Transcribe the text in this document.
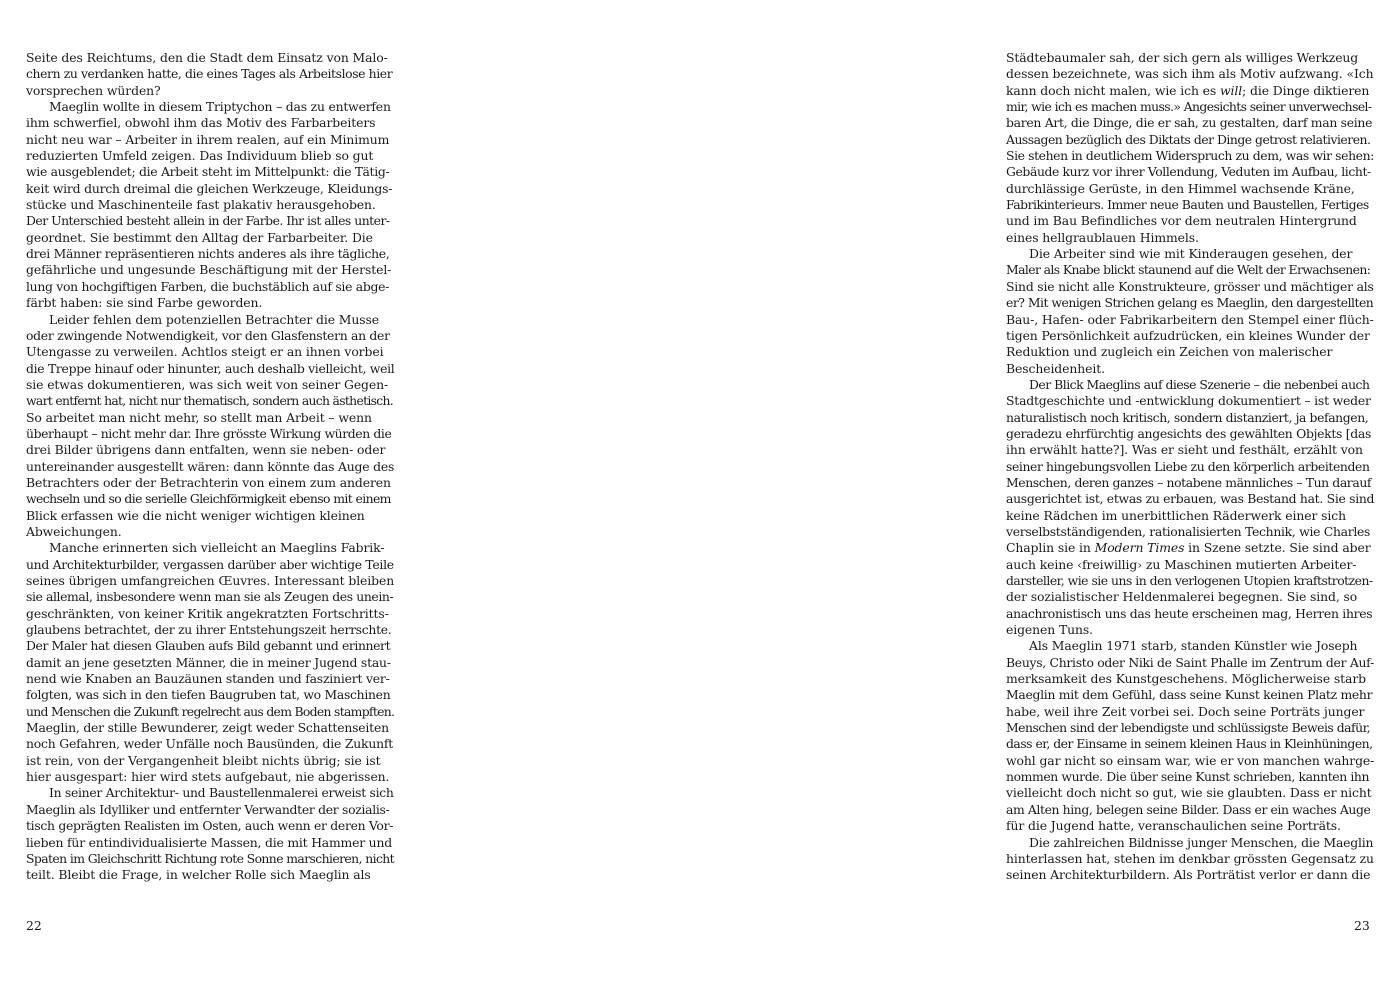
Seite des Reichtums, den die Stadt dem Einsatz von Malo-
chern zu verdanken hatte, die eines Tages als Arbeitslose hier
vorsprechen würden?
Maeglin wollte in diesem Triptychon – das zu entwerfen
ihm schwerfiel, obwohl ihm das Motiv des Farbarbeiters
nicht neu war – Arbeiter in ihrem realen, auf ein Minimum
reduzierten Umfeld zeigen. Das Individuum blieb so gut
wie ausgeblendet; die Arbeit steht im Mittelpunkt: die Tätig-
keit wird durch dreimal die gleichen Werkzeuge, Kleidungs-
stücke und Maschinenteile fast plakativ herausgehoben.
Der Unterschied besteht allein in der Farbe. Ihr ist alles unter-
geordnet. Sie bestimmt den Alltag der Farbarbeiter. Die
drei Männer repräsentieren nichts anderes als ihre tägliche,
gefährliche und ungesunde Beschäftigung mit der Herstel-
lung von hochgiftigen Farben, die buchstäblich auf sie abge-
färbt haben: sie sind Farbe geworden.
Leider fehlen dem potenziellen Betrachter die Musse
oder zwingende Notwendigkeit, vor den Glasfenstern an der
Utengasse zu verweilen. Achtlos steigt er an ihnen vorbei
die Treppe hinauf oder hinunter, auch deshalb vielleicht, weil
sie etwas dokumentieren, was sich weit von seiner Gegen-
wart entfernt hat, nicht nur thematisch, sondern auch ästhetisch.
So arbeitet man nicht mehr, so stellt man Arbeit – wenn
überhaupt – nicht mehr dar. Ihre grösste Wirkung würden die
drei Bilder übrigens dann entfalten, wenn sie neben- oder
untereinander ausgestellt wären: dann könnte das Auge des
Betrachters oder der Betrachterin von einem zum anderen
wechseln und so die serielle Gleichförmigkeit ebenso mit einem
Blick erfassen wie die nicht weniger wichtigen kleinen
Abweichungen.
Manche erinnerten sich vielleicht an Maeglins Fabrik-
und Architekturbilder, vergassen darüber aber wichtige Teile
seines übrigen umfangreichen Œuvres. Interessant bleiben
sie allemal, insbesondere wenn man sie als Zeugen des unein-
geschränkten, von keiner Kritik angekratzten Fortschritts-
glaubens betrachtet, der zu ihrer Entstehungszeit herrschte.
Der Maler hat diesen Glauben aufs Bild gebannt und erinnert
damit an jene gesetzten Männer, die in meiner Jugend stau-
nend wie Knaben an Bauzäunen standen und fasziniert ver-
folgten, was sich in den tiefen Baugruben tat, wo Maschinen
und Menschen die Zukunft regelrecht aus dem Boden stampften.
Maeglin, der stille Bewunderer, zeigt weder Schattenseiten
noch Gefahren, weder Unfälle noch Bausünden, die Zukunft
ist rein, von der Vergangenheit bleibt nichts übrig; sie ist
hier ausgespart: hier wird stets aufgebaut, nie abgerissen.
In seiner Architektur- und Baustellenmalerei erweist sich
Maeglin als Idylliker und entfernter Verwandter der sozialis-
tisch geprägten Realisten im Osten, auch wenn er deren Vor-
lieben für entindividualisierte Massen, die mit Hammer und
Spaten im Gleichschritt Richtung rote Sonne marschieren, nicht
teilt. Bleibt die Frage, in welcher Rolle sich Maeglin als
22
Städtebaumaler sah, der sich gern als williges Werkzeug
dessen bezeichnete, was sich ihm als Motiv aufzwang. «Ich
kann doch nicht malen, wie ich es will; die Dinge diktieren
mir, wie ich es machen muss.» Angesichts seiner unverwechsel-
baren Art, die Dinge, die er sah, zu gestalten, darf man seine
Aussagen bezüglich des Diktats der Dinge getrost relativieren.
Sie stehen in deutlichem Widerspruch zu dem, was wir sehen:
Gebäude kurz vor ihrer Vollendung, Veduten im Aufbau, licht-
durchlässige Gerüste, in den Himmel wachsende Kräne,
Fabrikinterieurs. Immer neue Bauten und Baustellen, Fertiges
und im Bau Befindliches vor dem neutralen Hintergrund
eines hellgraublauen Himmels.
Die Arbeiter sind wie mit Kinderaugen gesehen, der
Maler als Knabe blickt staunend auf die Welt der Erwachsenen:
Sind sie nicht alle Konstrukteure, grösser und mächtiger als
er? Mit wenigen Strichen gelang es Maeglin, den dargestellten
Bau-, Hafen- oder Fabrikarbeitern den Stempel einer flüch-
tigen Persönlichkeit aufzudrücken, ein kleines Wunder der
Reduktion und zugleich ein Zeichen von malerischer
Bescheidenheit.
Der Blick Maeglins auf diese Szenerie – die nebenbei auch
Stadtgeschichte und -entwicklung dokumentiert – ist weder
naturalistisch noch kritisch, sondern distanziert, ja befangen,
geradezu ehrfürchtig angesichts des gewählten Objekts [das
ihn erwählt hatte?]. Was er sieht und festhält, erzählt von
seiner hingebungsvollen Liebe zu den körperlich arbeitenden
Menschen, deren ganzes – notabene männliches – Tun darauf
ausgerichtet ist, etwas zu erbauen, was Bestand hat. Sie sind
keine Rädchen im unerbittlichen Räderwerk einer sich
verselbstständigenden, rationalisierten Technik, wie Charles
Chaplin sie in Modern Times in Szene setzte. Sie sind aber
auch keine ‹freiwillig› zu Maschinen mutierten Arbeiter-
darsteller, wie sie uns in den verlogenen Utopien kraftstrotzen-
der sozialistischer Heldenmalerei begegnen. Sie sind, so
anachronistisch uns das heute erscheinen mag, Herren ihres
eigenen Tuns.
Als Maeglin 1971 starb, standen Künstler wie Joseph
Beuys, Christo oder Niki de Saint Phalle im Zentrum der Auf-
merksamkeit des Kunstgeschehens. Möglicherweise starb
Maeglin mit dem Gefühl, dass seine Kunst keinen Platz mehr
habe, weil ihre Zeit vorbei sei. Doch seine Porträts junger
Menschen sind der lebendigste und schlüssigste Beweis dafür,
dass er, der Einsame in seinem kleinen Haus in Kleinhüningen,
wohl gar nicht so einsam war, wie er von manchen wahrge-
nommen wurde. Die über seine Kunst schrieben, kannten ihn
vielleicht doch nicht so gut, wie sie glaubten. Dass er nicht
am Alten hing, belegen seine Bilder. Dass er ein waches Auge
für die Jugend hatte, veranschaulichen seine Porträts.
Die zahlreichen Bildnisse junger Menschen, die Maeglin
hinterlassen hat, stehen im denkbar grössten Gegensatz zu
seinen Architekturbildern. Als Porträtist verlor er dann die
23
